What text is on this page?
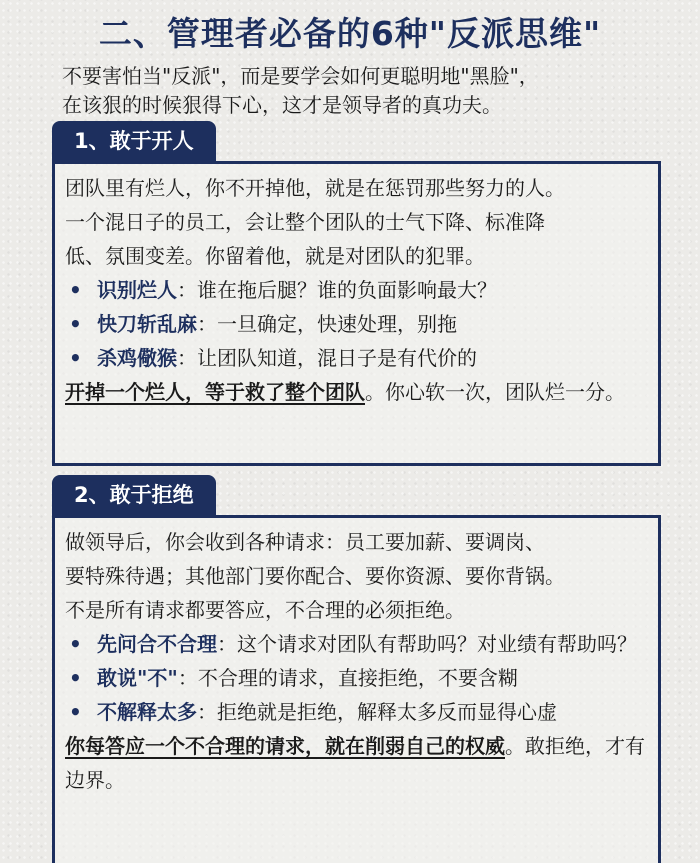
二、管理者必备的6种"反派思维"
不要害怕当"反派"，而是要学会如何更聪明地"黑脸"，
在该狠的时候狠得下心，这才是领导者的真功夫。
1、敢于开人

团队里有烂人，你不开掉他，就是在惩罚那些努力的人。

一个混日子的员工，会让整个团队的士气下降、标准降

低、氛围变差。你留着他，就是对团队的犯罪。

• 识别烂人：谁在拖后腿？谁的负面影响最大？
• 快刀斩乱麻：一旦确定，快速处理，别拖
• 杀鸡儆猴：让团队知道，混日子是有代价的

开掉一个烂人，等于救了整个团队。你心软一次，团队烂一分。

2、敢于拒绝

做领导后，你会收到各种请求：员工要加薪、要调岗、

要特殊待遇；其他部门要你配合、要你资源、要你背锅。

不是所有请求都要答应，不合理的必须拒绝。

• 先问合不合理：这个请求对团队有帮助吗？对业绩有帮助吗？
• 敢说"不"：不合理的请求，直接拒绝，不要含糊
• 不解释太多：拒绝就是拒绝，解释太多反而显得心虚

你每答应一个不合理的请求，就在削弱自己的权威。敢拒绝，才有边界。
